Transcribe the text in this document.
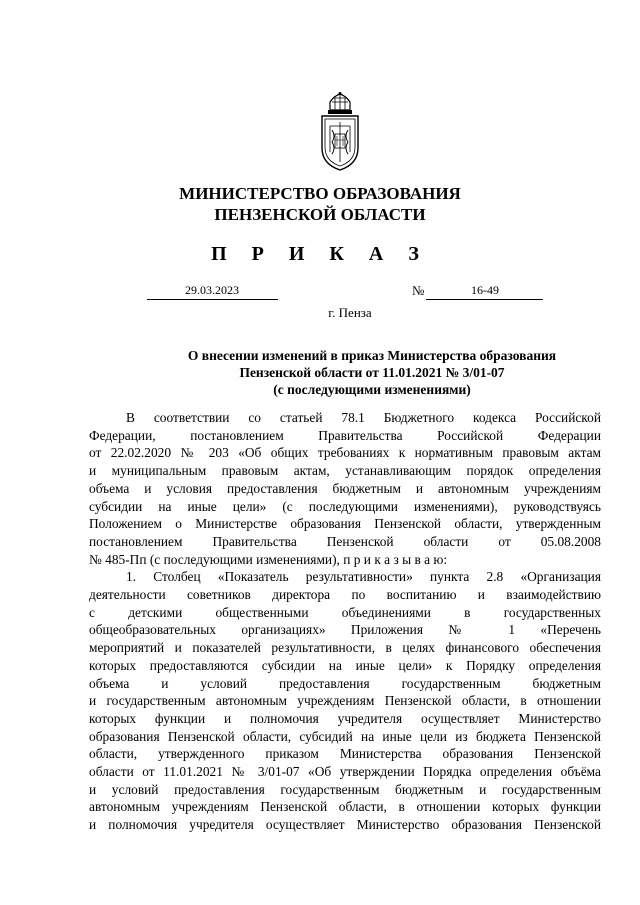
МИНИСТЕРСТВО ОБРАЗОВАНИЯ
ПЕНЗЕНСКОЙ ОБЛАСТИ
П Р И К А З
29.03.2023	№	16-49
г. Пенза
О внесении изменений в приказ Министерства образования
Пензенской области от 11.01.2021 № 3/01-07
(с последующими изменениями)
В соответствии со статьей 78.1 Бюджетного кодекса Российской
Федерации, постановлением Правительства Российской Федерации
от 22.02.2020 № 203 «Об общих требованиях к нормативным правовым актам
и муниципальным правовым актам, устанавливающим порядок определения
объема и условия предоставления бюджетным и автономным учреждениям
субсидии на иные цели» (с последующими изменениями), руководствуясь
Положением о Министерстве образования Пензенской области, утвержденным
постановлением Правительства Пензенской области от 05.08.2008
№ 485-Пп (с последующими изменениями), п р и к а з ы в а ю:
1. Столбец «Показатель результативности» пункта 2.8 «Организация
деятельности советников директора по воспитанию и взаимодействию
с детскими общественными объединениями в государственных
общеобразовательных организациях» Приложения № 1 «Перечень
мероприятий и показателей результативности, в целях финансового обеспечения
которых предоставляются субсидии на иные цели» к Порядку определения
объема и условий предоставления государственным бюджетным
и государственным автономным учреждениям Пензенской области, в отношении
которых функции и полномочия учредителя осуществляет Министерство
образования Пензенской области, субсидий на иные цели из бюджета Пензенской
области, утвержденного приказом Министерства образования Пензенской
области от 11.01.2021 № 3/01-07 «Об утверждении Порядка определения объёма
и условий предоставления государственным бюджетным и государственным
автономным учреждениям Пензенской области, в отношении которых функции
и полномочия учредителя осуществляет Министерство образования Пензенской
